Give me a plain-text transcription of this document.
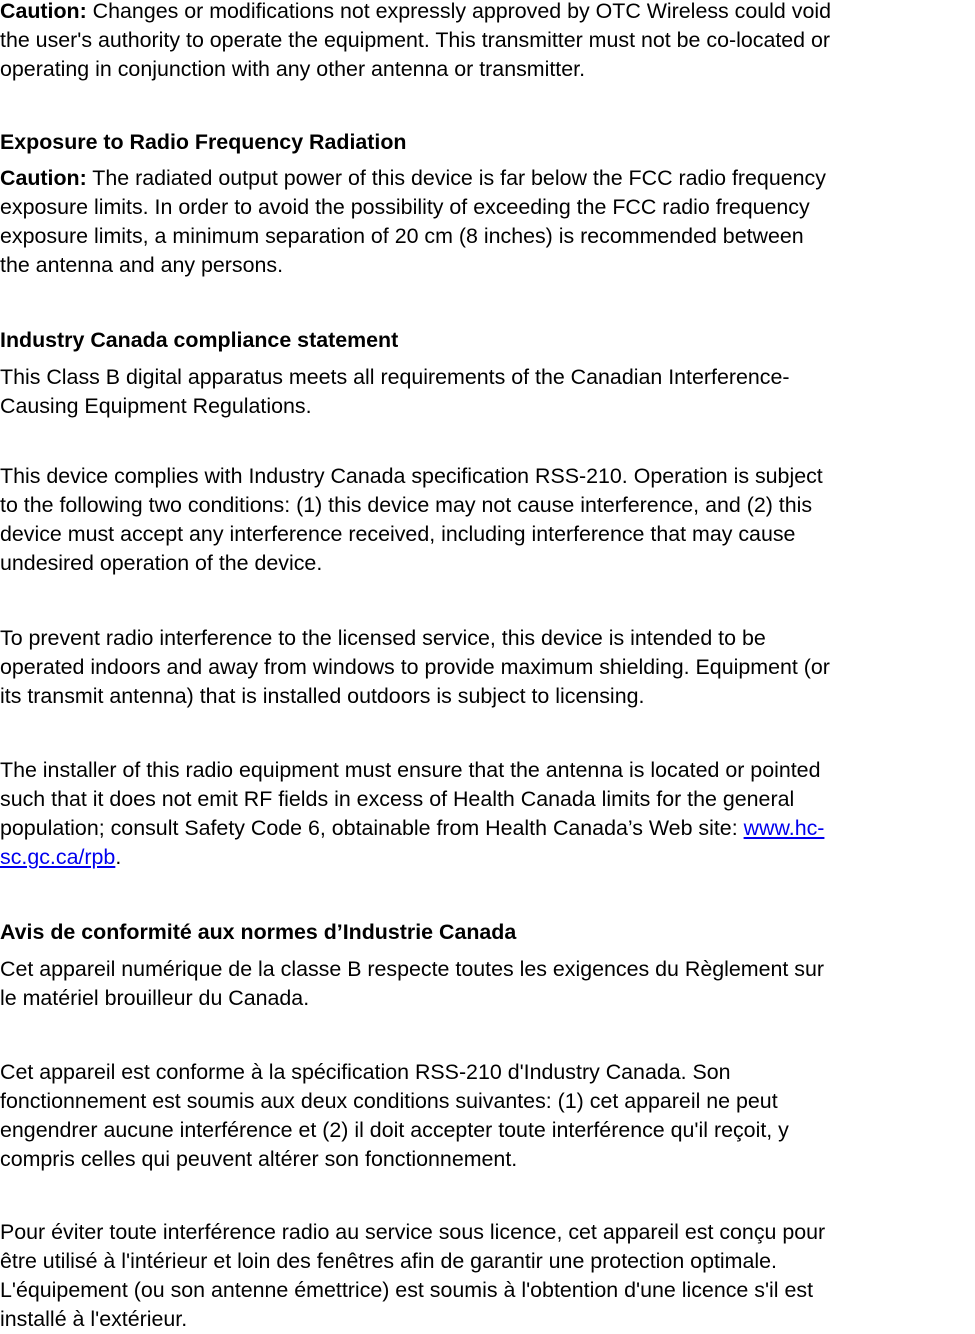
Caution: Changes or modifications not expressly approved by OTC Wireless could void
the user's authority to operate the equipment. This transmitter must not be co-located or
operating in conjunction with any other antenna or transmitter.

Exposure to Radio Frequency Radiation

Caution: The radiated output power of this device is far below the FCC radio frequency
exposure limits. In order to avoid the possibility of exceeding the FCC radio frequency
exposure limits, a minimum separation of 20 cm (8 inches) is recommended between
the antenna and any persons.

Industry Canada compliance statement

This Class B digital apparatus meets all requirements of the Canadian Interference-
Causing Equipment Regulations.

This device complies with Industry Canada specification RSS-210. Operation is subject
to the following two conditions: (1) this device may not cause interference, and (2) this
device must accept any interference received, including interference that may cause
undesired operation of the device.

To prevent radio interference to the licensed service, this device is intended to be
operated indoors and away from windows to provide maximum shielding. Equipment (or
its transmit antenna) that is installed outdoors is subject to licensing.

The installer of this radio equipment must ensure that the antenna is located or pointed
such that it does not emit RF fields in excess of Health Canada limits for the general
population; consult Safety Code 6, obtainable from Health Canada’s Web site: www.hc-
sc.gc.ca/rpb.

Avis de conformité aux normes d’Industrie Canada

Cet appareil numérique de la classe B respecte toutes les exigences du Règlement sur
le matériel brouilleur du Canada.

Cet appareil est conforme à la spécification RSS-210 d'Industry Canada. Son
fonctionnement est soumis aux deux conditions suivantes: (1) cet appareil ne peut
engendrer aucune interférence et (2) il doit accepter toute interférence qu'il reçoit, y
compris celles qui peuvent altérer son fonctionnement.

Pour éviter toute interférence radio au service sous licence, cet appareil est conçu pour
être utilisé à l'intérieur et loin des fenêtres afin de garantir une protection optimale.
L'équipement (ou son antenne émettrice) est soumis à l'obtention d'une licence s'il est
installé à l'extérieur.
